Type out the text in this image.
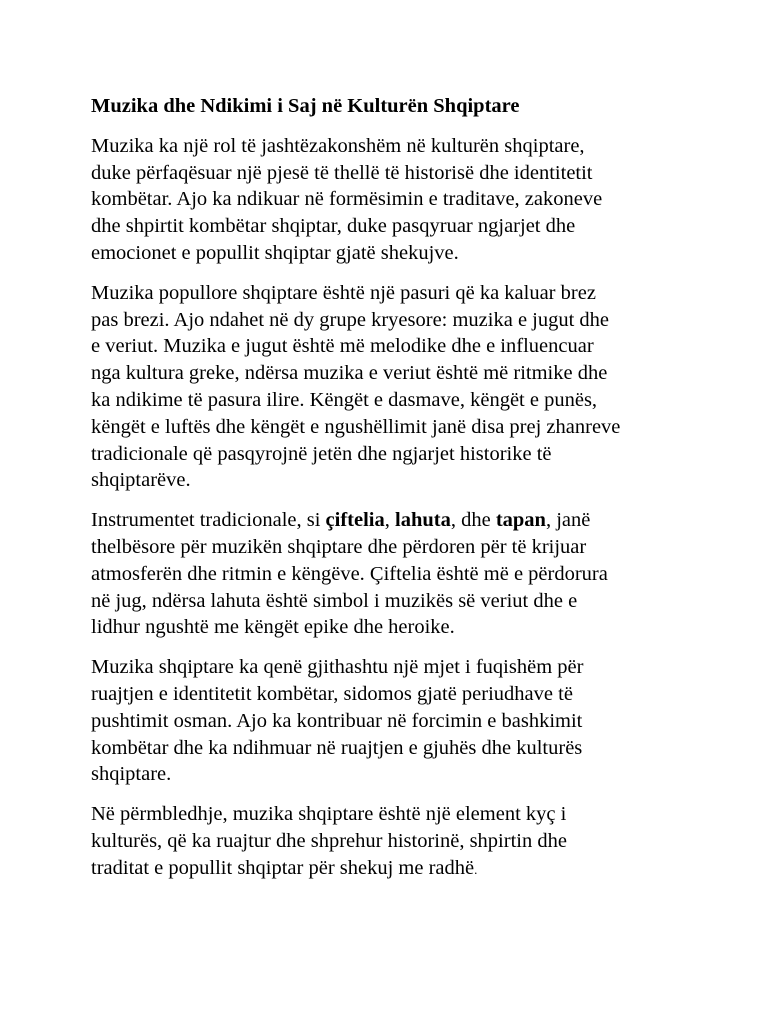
Muzika dhe Ndikimi i Saj në Kulturën Shqiptare
Muzika ka një rol të jashtëzakonshëm në kulturën shqiptare,
duke përfaqësuar një pjesë të thellë të historisë dhe identitetit
kombëtar. Ajo ka ndikuar në formësimin e traditave, zakoneve
dhe shpirtit kombëtar shqiptar, duke pasqyruar ngjarjet dhe
emocionet e popullit shqiptar gjatë shekujve.
Muzika popullore shqiptare është një pasuri që ka kaluar brez
pas brezi. Ajo ndahet në dy grupe kryesore: muzika e jugut dhe
e veriut. Muzika e jugut është më melodike dhe e influencuar
nga kultura greke, ndërsa muzika e veriut është më ritmike dhe
ka ndikime të pasura ilire. Këngët e dasmave, këngët e punës,
këngët e luftës dhe këngët e ngushëllimit janë disa prej zhanreve
tradicionale që pasqyrojnë jetën dhe ngjarjet historike të
shqiptarëve.
Instrumentet tradicionale, si çiftelia, lahuta, dhe tapan, janë
thelbësore për muzikën shqiptare dhe përdoren për të krijuar
atmosferën dhe ritmin e këngëve. Çiftelia është më e përdorura
në jug, ndërsa lahuta është simbol i muzikës së veriut dhe e
lidhur ngushtë me këngët epike dhe heroike.
Muzika shqiptare ka qenë gjithashtu një mjet i fuqishëm për
ruajtjen e identitetit kombëtar, sidomos gjatë periudhave të
pushtimit osman. Ajo ka kontribuar në forcimin e bashkimit
kombëtar dhe ka ndihmuar në ruajtjen e gjuhës dhe kulturës
shqiptare.
Në përmbledhje, muzika shqiptare është një element kyç i
kulturës, që ka ruajtur dhe shprehur historinë, shpirtin dhe
traditat e popullit shqiptar për shekuj me radhë.
